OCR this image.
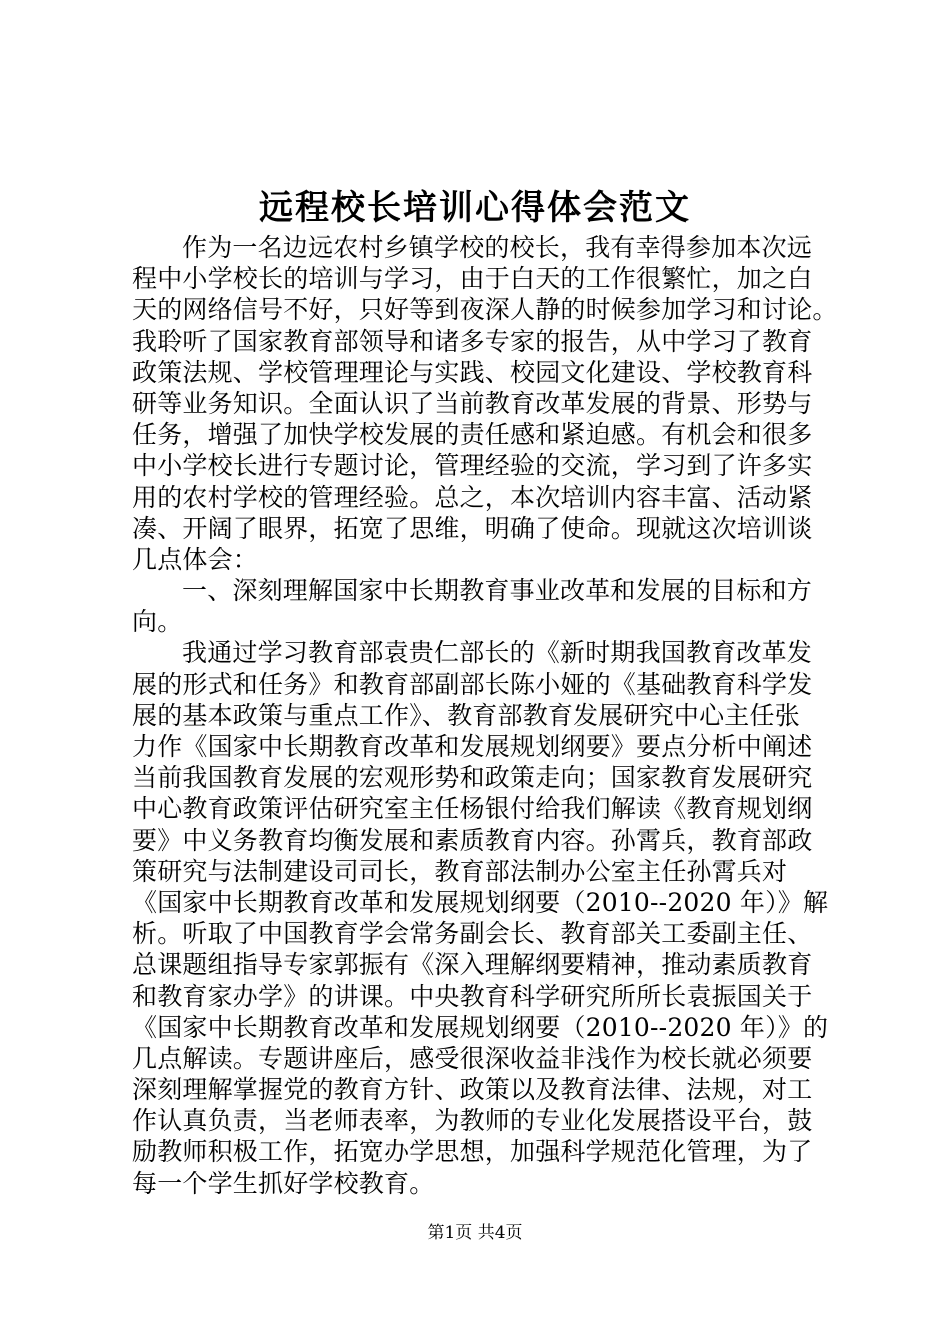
远程校长培训心得体会范文

作为一名边远农村乡镇学校的校长，我有幸得参加本次远

程中小学校长的培训与学习，由于白天的工作很繁忙，加之白

天的网络信号不好，只好等到夜深人静的时候参加学习和讨论。

我聆听了国家教育部领导和诸多专家的报告，从中学习了教育

政策法规、学校管理理论与实践、校园文化建设、学校教育科

研等业务知识。全面认识了当前教育改革发展的背景、形势与

任务，增强了加快学校发展的责任感和紧迫感。有机会和很多

中小学校长进行专题讨论，管理经验的交流，学习到了许多实

用的农村学校的管理经验。总之，本次培训内容丰富、活动紧

凑、开阔了眼界，拓宽了思维，明确了使命。现就这次培训谈

几点体会：

一、深刻理解国家中长期教育事业改革和发展的目标和方

向。

我通过学习教育部袁贵仁部长的《新时期我国教育改革发

展的形式和任务》和教育部副部长陈小娅的《基础教育科学发

展的基本政策与重点工作》、教育部教育发展研究中心主任张

力作《国家中长期教育改革和发展规划纲要》要点分析中阐述

当前我国教育发展的宏观形势和政策走向；国家教育发展研究

中心教育政策评估研究室主任杨银付给我们解读《教育规划纲

要》中义务教育均衡发展和素质教育内容。孙霄兵，教育部政

策研究与法制建设司司长，教育部法制办公室主任孙霄兵对

《国家中长期教育改革和发展规划纲要（2010--2020 年）》解

析。听取了中国教育学会常务副会长、教育部关工委副主任、

总课题组指导专家郭振有《深入理解纲要精神，推动素质教育

和教育家办学》的讲课。中央教育科学研究所所长袁振国关于

《国家中长期教育改革和发展规划纲要（2010--2020 年）》的

几点解读。专题讲座后，感受很深收益非浅作为校长就必须要

深刻理解掌握党的教育方针、政策以及教育法律、法规，对工

作认真负责，当老师表率，为教师的专业化发展搭设平台，鼓

励教师积极工作，拓宽办学思想，加强科学规范化管理，为了

每一个学生抓好学校教育。

第1页 共4页
